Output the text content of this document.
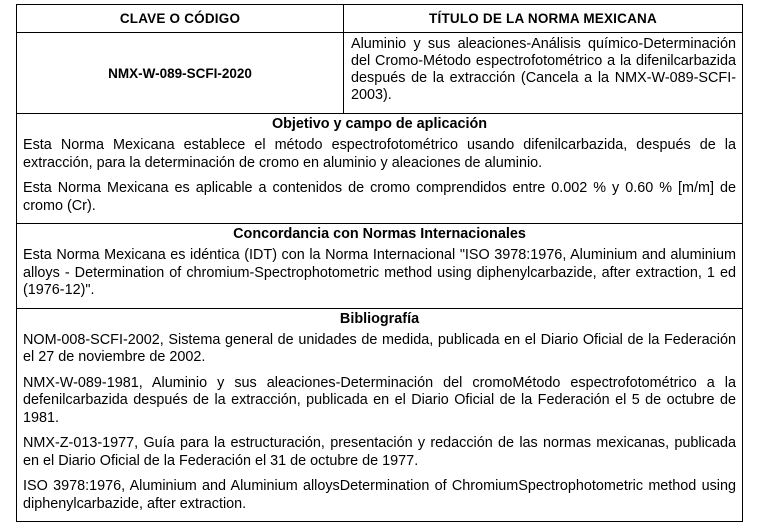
CLAVE O CÓDIGO	TÍTULO DE LA NORMA MEXICANA
NMX-W-089-SCFI-2020	Aluminio y sus aleaciones-Análisis químico-Determinación del Cromo-Método espectrofotométrico a la difenilcarbazida después de la extracción (Cancela a la NMX-W-089-SCFI-2003).

Objetivo y campo de aplicación

Esta Norma Mexicana establece el método espectrofotométrico usando difenilcarbazida, después de la extracción, para la determinación de cromo en aluminio y aleaciones de aluminio.

Esta Norma Mexicana es aplicable a contenidos de cromo comprendidos entre 0.002 % y 0.60 % [m/m] de cromo (Cr).	

Concordancia con Normas Internacionales

Esta Norma Mexicana es idéntica (IDT) con la Norma Internacional "ISO 3978:1976, Aluminium and aluminium alloys - Determination of chromium-Spectrophotometric method using diphenylcarbazide, after extraction, 1 ed (1976-12)".	

Bibliografía

NOM-008-SCFI-2002, Sistema general de unidades de medida, publicada en el Diario Oficial de la Federación el 27 de noviembre de 2002.

NMX-W-089-1981, Aluminio y sus aleaciones-Determinación del cromoMétodo espectrofotométrico a la defenilcarbazida después de la extracción, publicada en el Diario Oficial de la Federación el 5 de octubre de 1981.

NMX-Z-013-1977, Guía para la estructuración, presentación y redacción de las normas mexicanas, publicada en el Diario Oficial de la Federación el 31 de octubre de 1977.

ISO 3978:1976, Aluminium and Aluminium alloysDetermination of ChromiumSpectrophotometric method using diphenylcarbazide, after extraction.	
